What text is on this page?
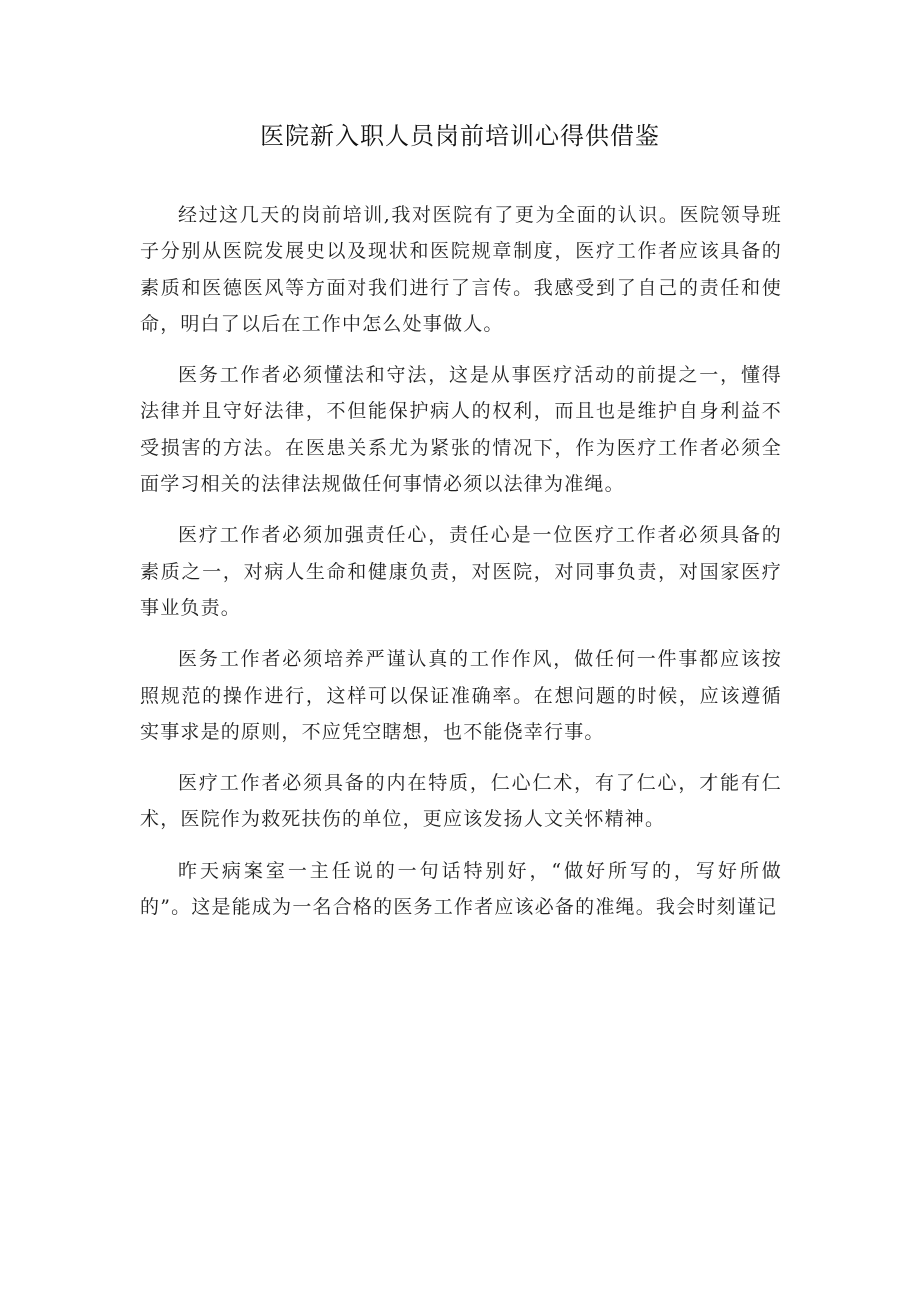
医院新入职人员岗前培训心得供借鉴

经过这几天的岗前培训,我对医院有了更为全面的认识。医院领导班子分别从医院发展史以及现状和医院规章制度，医疗工作者应该具备的素质和医德医风等方面对我们进行了言传。我感受到了自己的责任和使命，明白了以后在工作中怎么处事做人。

医务工作者必须懂法和守法，这是从事医疗活动的前提之一，懂得法律并且守好法律，不但能保护病人的权利，而且也是维护自身利益不受损害的方法。在医患关系尤为紧张的情况下，作为医疗工作者必须全面学习相关的法律法规做任何事情必须以法律为准绳。

医疗工作者必须加强责任心，责任心是一位医疗工作者必须具备的素质之一，对病人生命和健康负责，对医院，对同事负责，对国家医疗事业负责。

医务工作者必须培养严谨认真的工作作风，做任何一件事都应该按照规范的操作进行，这样可以保证准确率。在想问题的时候，应该遵循实事求是的原则，不应凭空瞎想，也不能侥幸行事。

医疗工作者必须具备的内在特质，仁心仁术，有了仁心，才能有仁术，医院作为救死扶伤的单位，更应该发扬人文关怀精神。

昨天病案室一主任说的一句话特别好，“做好所写的，写好所做的”。这是能成为一名合格的医务工作者应该必备的准绳。我会时刻谨记
